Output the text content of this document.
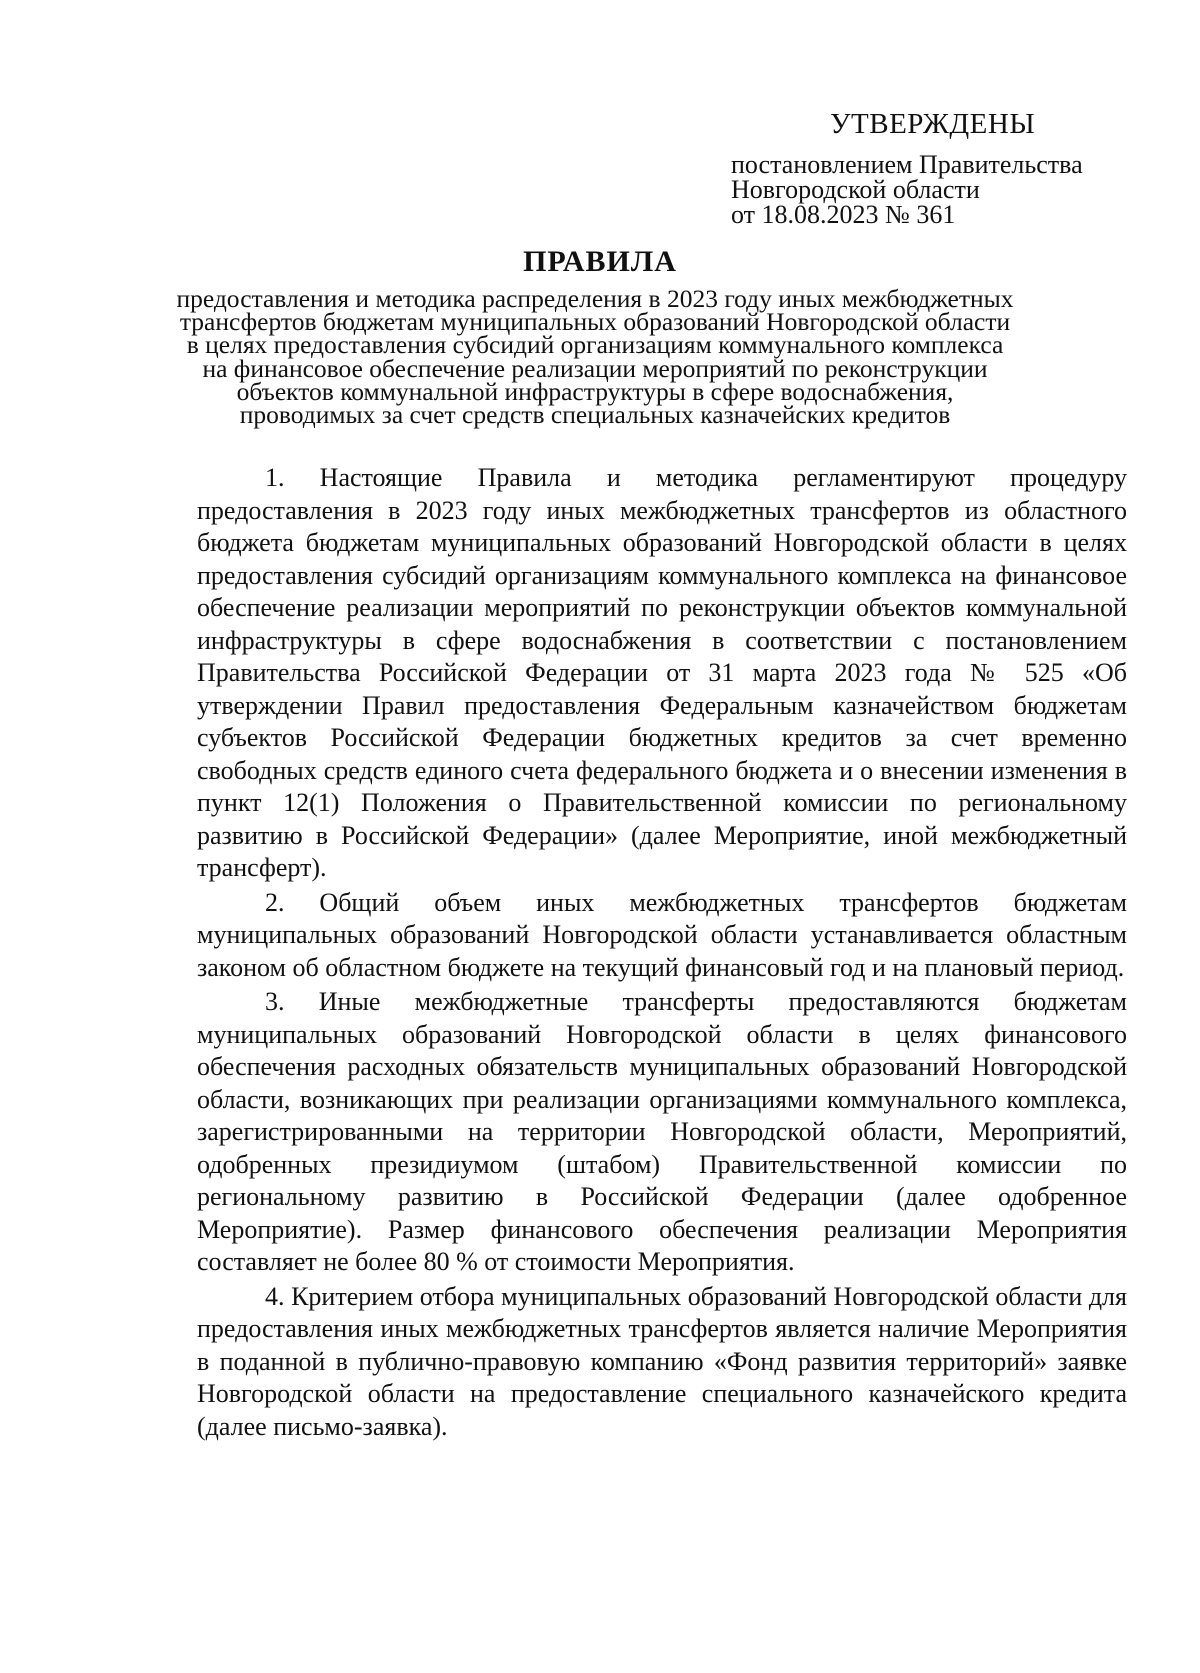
УТВЕРЖДЕНЫ
постановлением Правительства
Новгородской области
от 18.08.2023 № 361
ПРАВИЛА
предоставления и методика распределения в 2023 году иных межбюджетных
трансфертов бюджетам муниципальных образований Новгородской области
в целях предоставления субсидий организациям коммунального комплекса
на финансовое обеспечение реализации мероприятий по реконструкции
объектов коммунальной инфраструктуры в сфере водоснабжения,
проводимых за счет средств специальных казначейских кредитов

1. Настоящие Правила и методика регламентируют процедуру предоставления в 2023 году иных межбюджетных трансфертов из областного бюджета бюджетам муниципальных образований Новгородской области в целях предоставления субсидий организациям коммунального комплекса на финансовое обеспечение реализации мероприятий по реконструкции объектов коммунальной инфраструктуры в сфере водоснабжения в соответствии с постановлением Правительства Российской Федерации от 31 марта 2023 года № 525 «Об утверждении Правил предоставления Федеральным казначейством бюджетам субъектов Российской Федерации бюджетных кредитов за счет временно свободных средств единого счета федерального бюджета и о внесении изменения в пункт 12(1) Положения о Правительственной комиссии по региональному развитию в Российской Федерации» (далее Мероприятие, иной межбюджетный трансферт).

2. Общий объем иных межбюджетных трансфертов бюджетам муниципальных образований Новгородской области устанавливается областным законом об областном бюджете на текущий финансовый год и на плановый период.

3. Иные межбюджетные трансферты предоставляются бюджетам муниципальных образований Новгородской области в целях финансового обеспечения расходных обязательств муниципальных образований Новгородской области, возникающих при реализации организациями коммунального комплекса, зарегистрированными на территории Новгородской области, Мероприятий, одобренных президиумом (штабом) Правительственной комиссии по региональному развитию в Российской Федерации (далее одобренное Мероприятие). Размер финансового обеспечения реализации Мероприятия составляет не более 80 % от стоимости Мероприятия.

4. Критерием отбора муниципальных образований Новгородской области для предоставления иных межбюджетных трансфертов является наличие Мероприятия в поданной в публично-правовую компанию «Фонд развития территорий» заявке Новгородской области на предоставление специального казначейского кредита (далее письмо-заявка).
